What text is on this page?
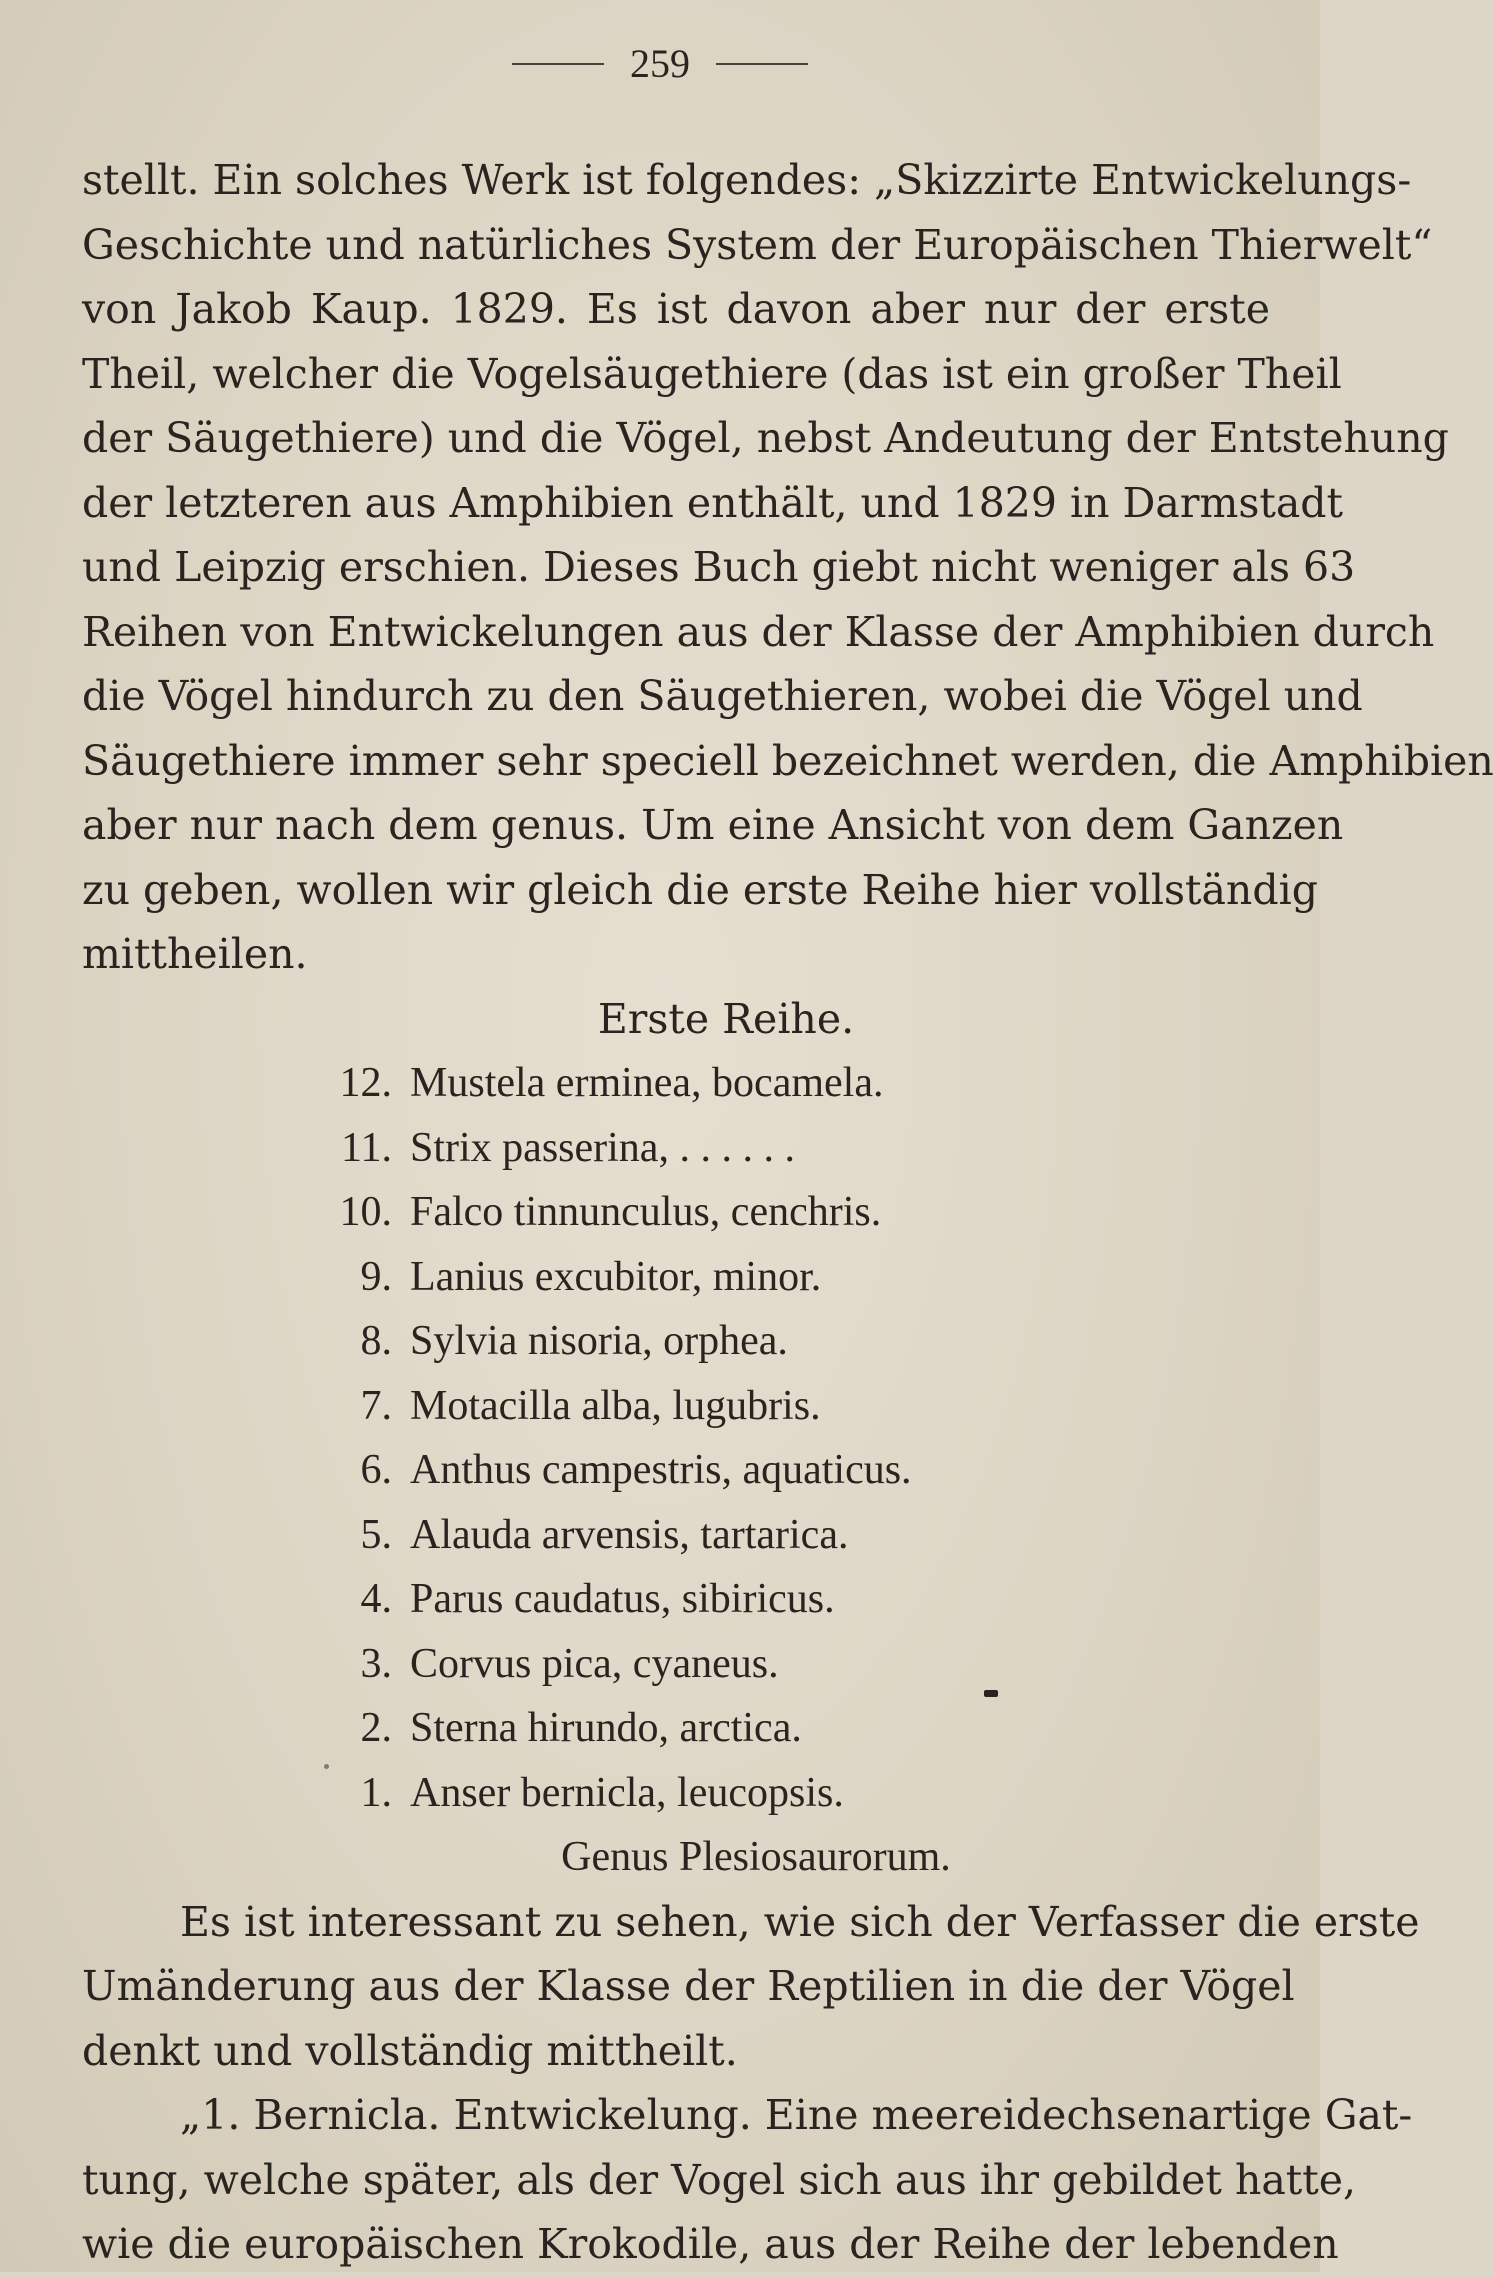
259
stellt. Ein solches Werk ist folgendes: „Skizzirte Entwickelungs-
Geschichte und natürliches System der Europäischen Thierwelt“
von Jakob Kaup. 1829. Es ist davon aber nur der erste
Theil, welcher die Vogelsäugethiere (das ist ein großer Theil
der Säugethiere) und die Vögel, nebst Andeutung der Entstehung
der letzteren aus Amphibien enthält, und 1829 in Darmstadt
und Leipzig erschien. Dieses Buch giebt nicht weniger als 63
Reihen von Entwickelungen aus der Klasse der Amphibien durch
die Vögel hindurch zu den Säugethieren, wobei die Vögel und
Säugethiere immer sehr speciell bezeichnet werden, die Amphibien
aber nur nach dem genus. Um eine Ansicht von dem Ganzen
zu geben, wollen wir gleich die erste Reihe hier vollständig
mittheilen.
Erste Reihe.
12. Mustela erminea, bocamela.
11. Strix passerina, . . . . . .
10. Falco tinnunculus, cenchris.
9. Lanius excubitor, minor.
8. Sylvia nisoria, orphea.
7. Motacilla alba, lugubris.
6. Anthus campestris, aquaticus.
5. Alauda arvensis, tartarica.
4. Parus caudatus, sibiricus.
3. Corvus pica, cyaneus.
2. Sterna hirundo, arctica.
1. Anser bernicla, leucopsis.
Genus Plesiosaurorum.
Es ist interessant zu sehen, wie sich der Verfasser die erste
Umänderung aus der Klasse der Reptilien in die der Vögel
denkt und vollständig mittheilt.
„1. Bernicla. Entwickelung. Eine meereidechsenartige Gat-
tung, welche später, als der Vogel sich aus ihr gebildet hatte,
wie die europäischen Krokodile, aus der Reihe der lebenden
